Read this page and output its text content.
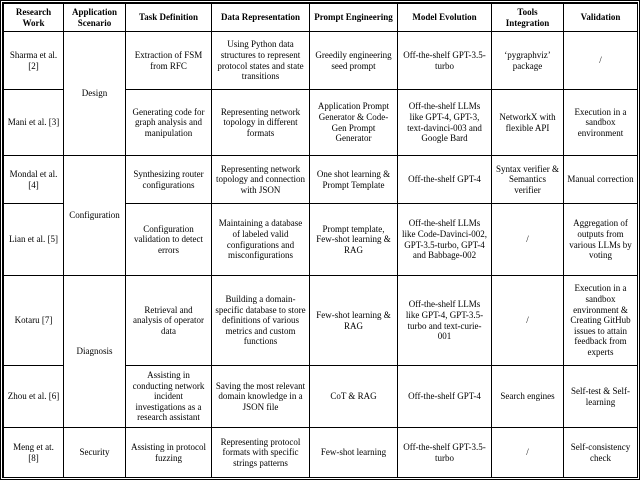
Research Work	Application Scenario	Task Definition	Data Representation	Prompt Engineering	Model Evolution	Tools Integration	Validation
Sharma et al. [2]	Design	Extraction of FSM from RFC	Using Python data structures to represent protocol states and state transitions	Greedily engineering seed prompt	Off-the-shelf GPT-3.5-turbo	‘pygraphviz’ package	/
Mani et al. [3]		Generating code for graph analysis and manipulation	Representing network topology in different formats	Application Prompt Generator & Code-Gen Prompt Generator	Off-the-shelf LLMs like GPT-4, GPT-3, text-davinci-003 and Google Bard	NetworkX with flexible API	Execution in a sandbox environment
Mondal et al. [4]	Configuration	Synthesizing router configurations	Representing network topology and connection with JSON	One shot learning & Prompt Template	Off-the-shelf GPT-4	Syntax verifier & Semantics verifier	Manual correction
Lian et al. [5]		Configuration validation to detect errors	Maintaining a database of labeled valid configurations and misconfigurations	Prompt template, Few-shot learning & RAG	Off-the-shelf LLMs like Code-Davinci-002, GPT-3.5-turbo, GPT-4 and Babbage-002	/	Aggregation of outputs from various LLMs by voting
Kotaru [7]	Diagnosis	Retrieval and analysis of operator data	Building a domain-specific database to store definitions of various metrics and custom functions	Few-shot learning & RAG	Off-the-shelf LLMs like GPT-4, GPT-3.5-turbo and text-curie-001	/	Execution in a sandbox environment & Creating GitHub issues to attain feedback from experts
Zhou et al. [6]		Assisting in conducting network incident investigations as a research assistant	Saving the most relevant domain knowledge in a JSON file	CoT & RAG	Off-the-shelf GPT-4	Search engines	Self-test & Self-learning
Meng et at. [8]	Security	Assisting in protocol fuzzing	Representing protocol formats with specific strings patterns	Few-shot learning	Off-the-shelf GPT-3.5-turbo	/	Self-consistency check
